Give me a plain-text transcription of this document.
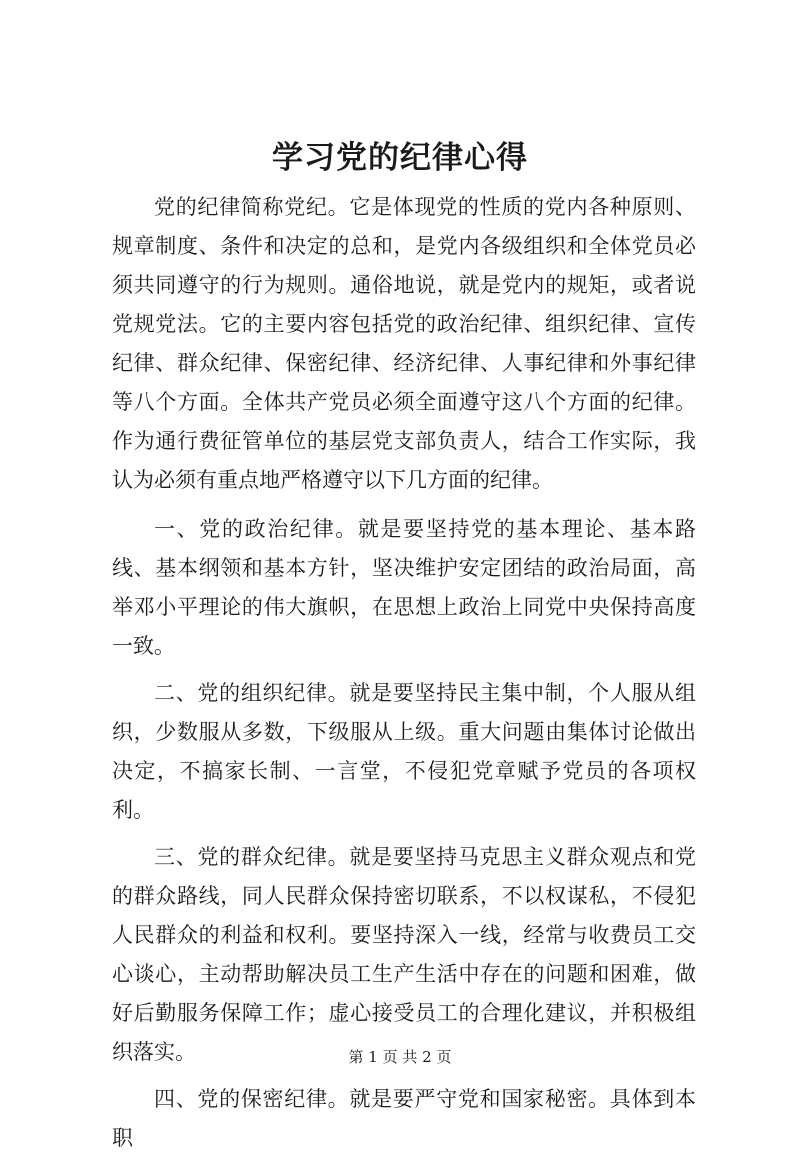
学习党的纪律心得

党的纪律简称党纪。它是体现党的性质的党内各种原则、规章制度、条件和决定的总和，是党内各级组织和全体党员必须共同遵守的行为规则。通俗地说，就是党内的规矩，或者说党规党法。它的主要内容包括党的政治纪律、组织纪律、宣传纪律、群众纪律、保密纪律、经济纪律、人事纪律和外事纪律等八个方面。全体共产党员必须全面遵守这八个方面的纪律。作为通行费征管单位的基层党支部负责人，结合工作实际，我认为必须有重点地严格遵守以下几方面的纪律。

一、党的政治纪律。就是要坚持党的基本理论、基本路线、基本纲领和基本方针，坚决维护安定团结的政治局面，高举邓小平理论的伟大旗帜，在思想上政治上同党中央保持高度一致。

二、党的组织纪律。就是要坚持民主集中制，个人服从组织，少数服从多数，下级服从上级。重大问题由集体讨论做出决定，不搞家长制、一言堂，不侵犯党章赋予党员的各项权利。

三、党的群众纪律。就是要坚持马克思主义群众观点和党的群众路线，同人民群众保持密切联系，不以权谋私，不侵犯人民群众的利益和权利。要坚持深入一线，经常与收费员工交心谈心，主动帮助解决员工生产生活中存在的问题和困难，做好后勤服务保障工作；虚心接受员工的合理化建议，并积极组织落实。

四、党的保密纪律。就是要严守党和国家秘密。具体到本职

第 1 页 共 2 页
